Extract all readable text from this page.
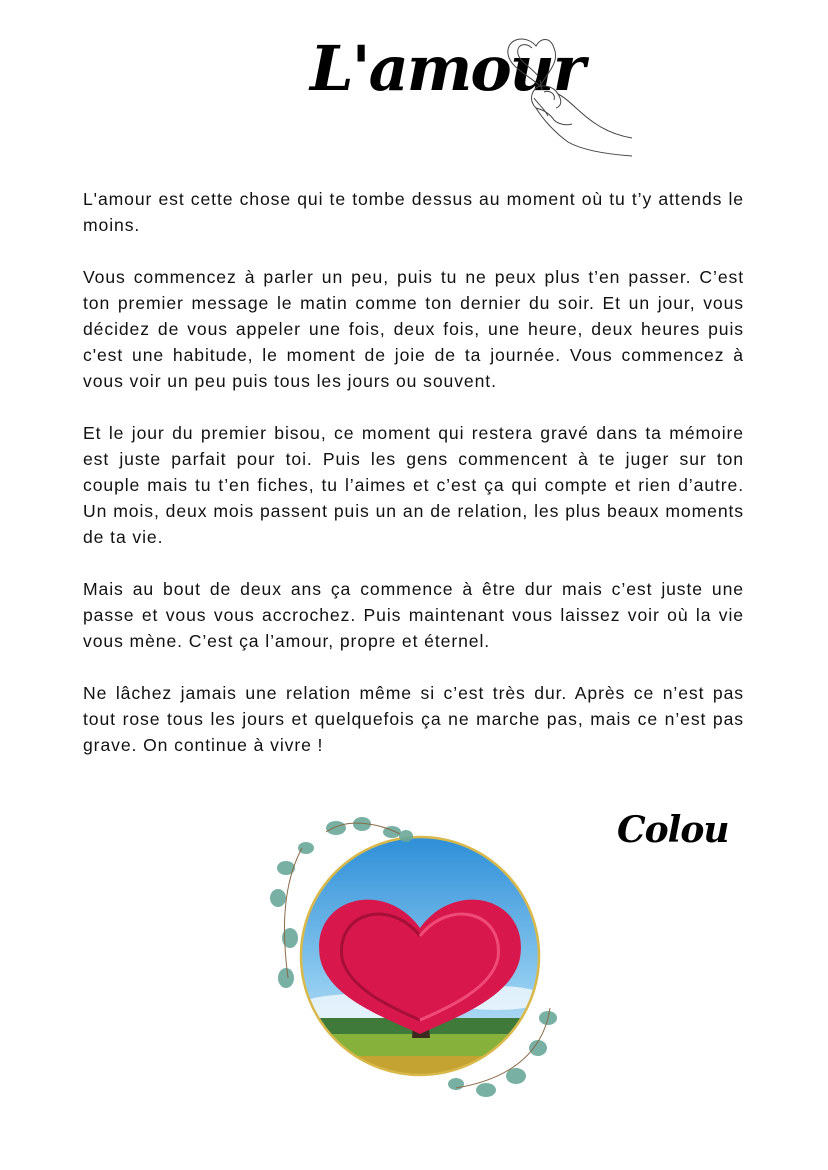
L'amour

L'amour est cette chose qui te tombe dessus au moment où tu t’y attends le moins.

Vous commencez à parler un peu, puis tu ne peux plus t’en passer. C’est ton premier message le matin comme ton dernier du soir. Et un jour, vous décidez de vous appeler une fois, deux fois, une heure, deux heures puis c'est une habitude, le moment de joie de ta journée. Vous commencez à vous voir un peu puis tous les jours ou souvent.

Et le jour du premier bisou, ce moment qui restera gravé dans ta mémoire est juste parfait pour toi. Puis les gens commencent à te juger sur ton couple mais tu t’en fiches, tu l’aimes et c’est ça qui compte et rien d’autre. Un mois, deux mois passent puis un an de relation, les plus beaux moments de ta vie.

Mais au bout de deux ans ça commence à être dur mais c’est juste une passe et vous vous accrochez. Puis maintenant vous laissez voir où la vie vous mène. C’est ça l’amour, propre et éternel.

Ne lâchez jamais une relation même si c’est très dur. Après ce n’est pas tout rose tous les jours et quelquefois ça ne marche pas, mais ce n’est pas grave. On continue à vivre !

Colou
